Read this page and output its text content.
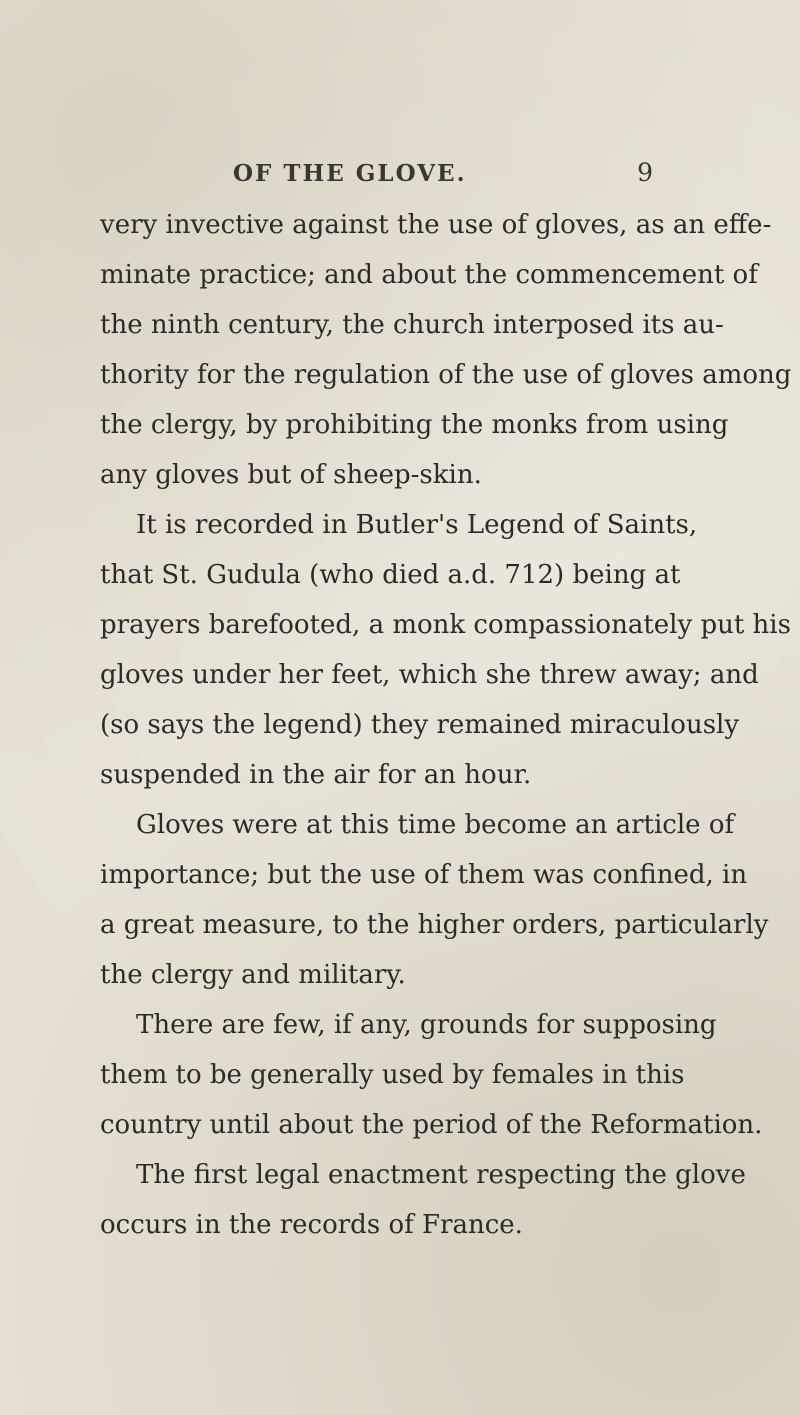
OF THE GLOVE.	9
very invective against the use of gloves, as an effe-
minate practice; and about the commencement of
the ninth century, the church interposed its au-
thority for the regulation of the use of gloves among
the clergy, by prohibiting the monks from using
any gloves but of sheep-skin.
It is recorded in Butler's Legend of Saints,
that St. Gudula (who died a.d. 712) being at
prayers barefooted, a monk compassionately put his
gloves under her feet, which she threw away; and
(so says the legend) they remained miraculously
suspended in the air for an hour.
Gloves were at this time become an article of
importance; but the use of them was confined, in
a great measure, to the higher orders, particularly
the clergy and military.
There are few, if any, grounds for supposing
them to be generally used by females in this
country until about the period of the Reformation.
The first legal enactment respecting the glove
occurs in the records of France.
